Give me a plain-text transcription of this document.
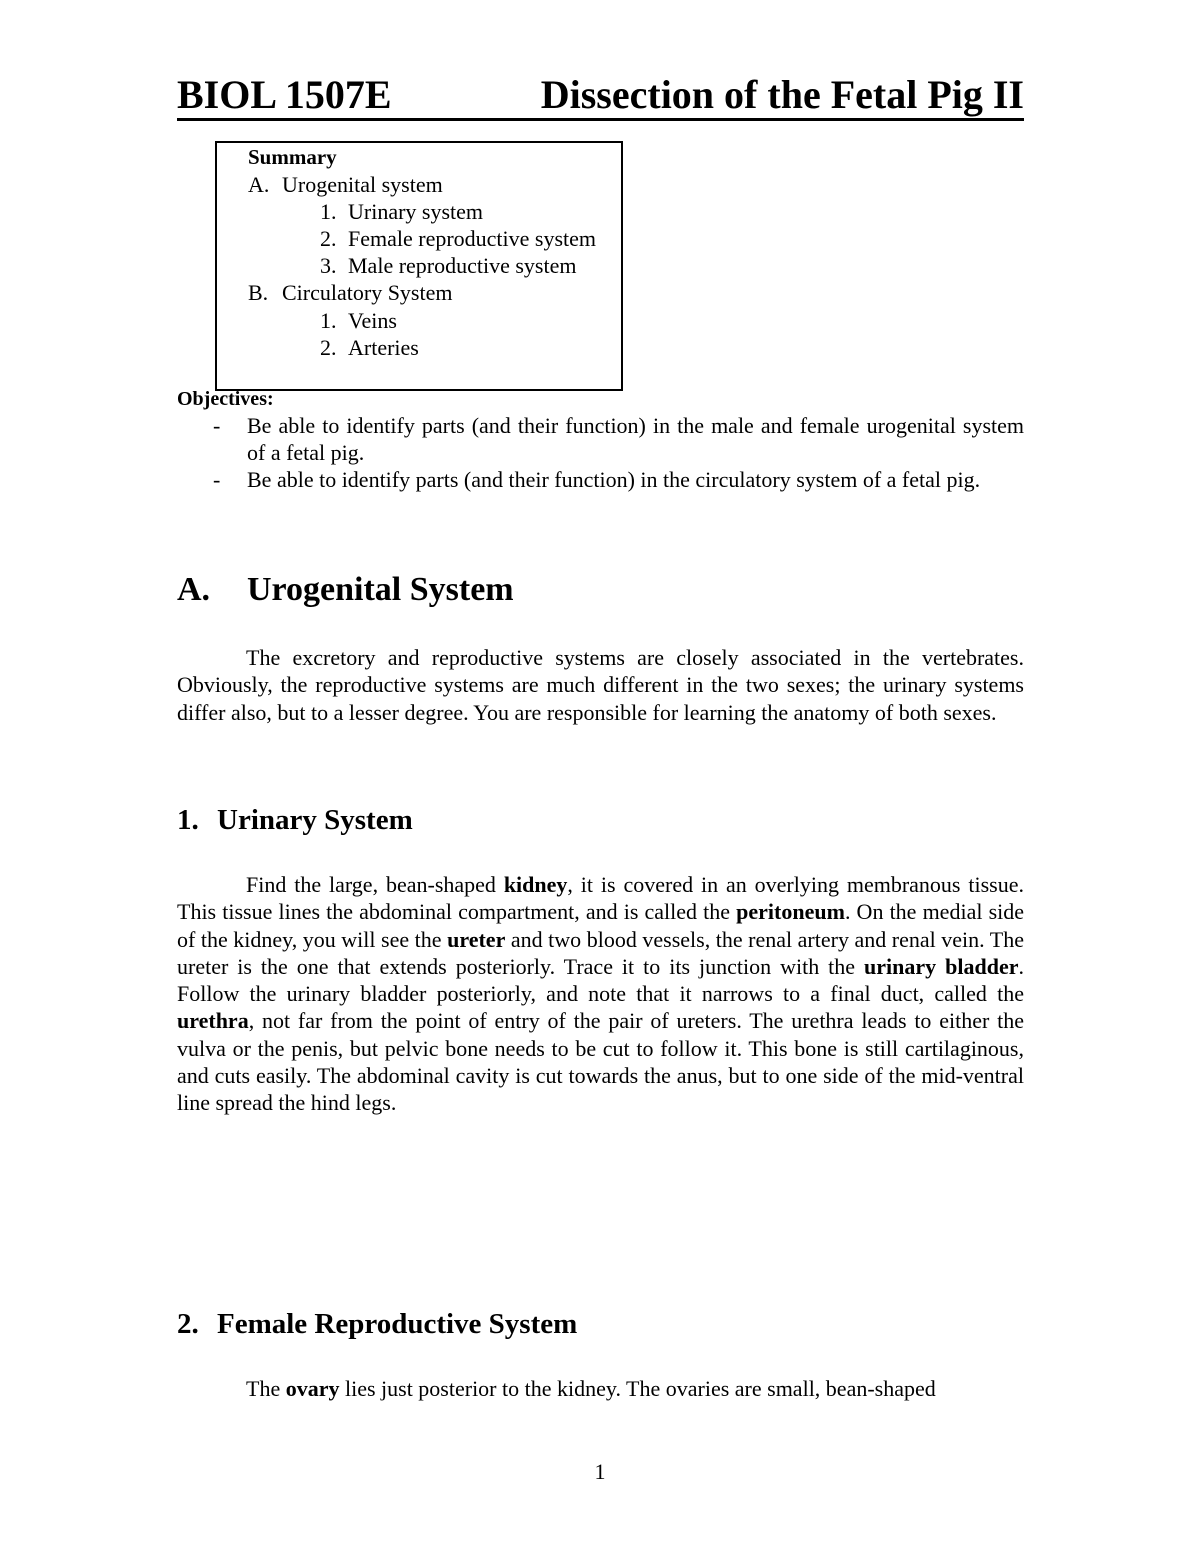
BIOL 1507E	Dissection of the Fetal Pig II
Summary
A. Urogenital system
1. Urinary system
2. Female reproductive system
3. Male reproductive system
B. Circulatory System
1. Veins
2. Arteries
Objectives:
- Be able to identify parts (and their function) in the male and female urogenital system of a fetal pig.
- Be able to identify parts (and their function) in the circulatory system of a fetal pig.
A. Urogenital System

The excretory and reproductive systems are closely associated in the vertebrates. Obviously, the reproductive systems are much different in the two sexes; the urinary systems differ also, but to a lesser degree. You are responsible for learning the anatomy of both sexes.

1. Urinary System

Find the large, bean-shaped kidney, it is covered in an overlying membranous tissue. This tissue lines the abdominal compartment, and is called the peritoneum. On the medial side of the kidney, you will see the ureter and two blood vessels, the renal artery and renal vein. The ureter is the one that extends posteriorly. Trace it to its junction with the urinary bladder. Follow the urinary bladder posteriorly, and note that it narrows to a final duct, called the urethra, not far from the point of entry of the pair of ureters. The urethra leads to either the vulva or the penis, but pelvic bone needs to be cut to follow it. This bone is still cartilaginous, and cuts easily. The abdominal cavity is cut towards the anus, but to one side of the mid-ventral line spread the hind legs.

2. Female Reproductive System

The ovary lies just posterior to the kidney. The ovaries are small, bean-shaped

1
